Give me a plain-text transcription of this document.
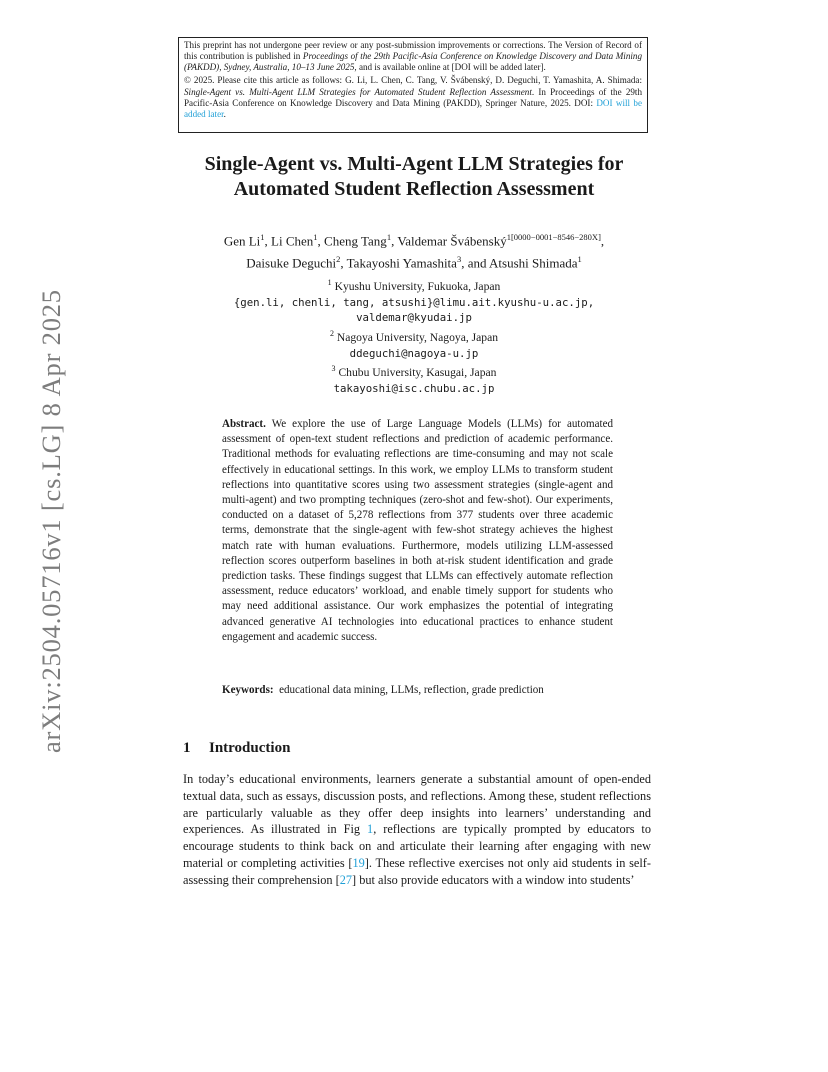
This preprint has not undergone peer review or any post-submission improvements or corrections. The Version of Record of this contribution is published in Proceedings of the 29th Pacific-Asia Conference on Knowledge Discovery and Data Mining (PAKDD), Sydney, Australia, 10–13 June 2025, and is available online at [DOI will be added later].

© 2025. Please cite this article as follows: G. Li, L. Chen, C. Tang, V. Švábenský, D. Deguchi, T. Yamashita, A. Shimada: Single-Agent vs. Multi-Agent LLM Strategies for Automated Student Reflection Assessment. In Proceedings of the 29th Pacific-Asia Conference on Knowledge Discovery and Data Mining (PAKDD), Springer Nature, 2025. DOI: DOI will be added later.

arXiv:2504.05716v1 [cs.LG] 8 Apr 2025
Single-Agent vs. Multi-Agent LLM Strategies for
Automated Student Reflection Assessment
Gen Li$^1$, Li Chen$^1$, Cheng Tang$^1$, Valdemar Švábenský$^{1[0000-0001-8546-280X]}$,
Daisuke Deguchi$^2$, Takayoshi Yamashita$^3$, and Atsushi Shimada$^1$
$^1$ Kyushu University, Fukuoka, Japan
{gen.li, chenli, tang, atsushi}@limu.ait.kyushu-u.ac.jp,
valdemar@kyudai.jp
$^2$ Nagoya University, Nagoya, Japan
ddeguchi@nagoya-u.jp
$^3$ Chubu University, Kasugai, Japan
takayoshi@isc.chubu.ac.jp

Abstract. We explore the use of Large Language Models (LLMs) for automated assessment of open-text student reflections and prediction of academic performance. Traditional methods for evaluating reflections are time-consuming and may not scale effectively in educational settings. In this work, we employ LLMs to transform student reflections into quantitative scores using two assessment strategies (single-agent and multi-agent) and two prompting techniques (zero-shot and few-shot). Our experiments, conducted on a dataset of 5,278 reflections from 377 students over three academic terms, demonstrate that the single-agent with few-shot strategy achieves the highest match rate with human evaluations. Furthermore, models utilizing LLM-assessed reflection scores outperform baselines in both at-risk student identification and grade prediction tasks. These findings suggest that LLMs can effectively automate reflection assessment, reduce educators’ workload, and enable timely support for students who may need additional assistance. Our work emphasizes the potential of integrating advanced generative AI technologies into educational practices to enhance student engagement and academic success.

Keywords: educational data mining, LLMs, reflection, grade prediction

1 Introduction

In today’s educational environments, learners generate a substantial amount of open-ended textual data, such as essays, discussion posts, and reflections. Among these, student reflections are particularly valuable as they offer deep insights into learners’ understanding and experiences. As illustrated in Fig 1, reflections are typically prompted by educators to encourage students to think back on and articulate their learning after engaging with new material or completing activities [19]. These reflective exercises not only aid students in self-assessing their comprehension [27] but also provide educators with a window into students’
